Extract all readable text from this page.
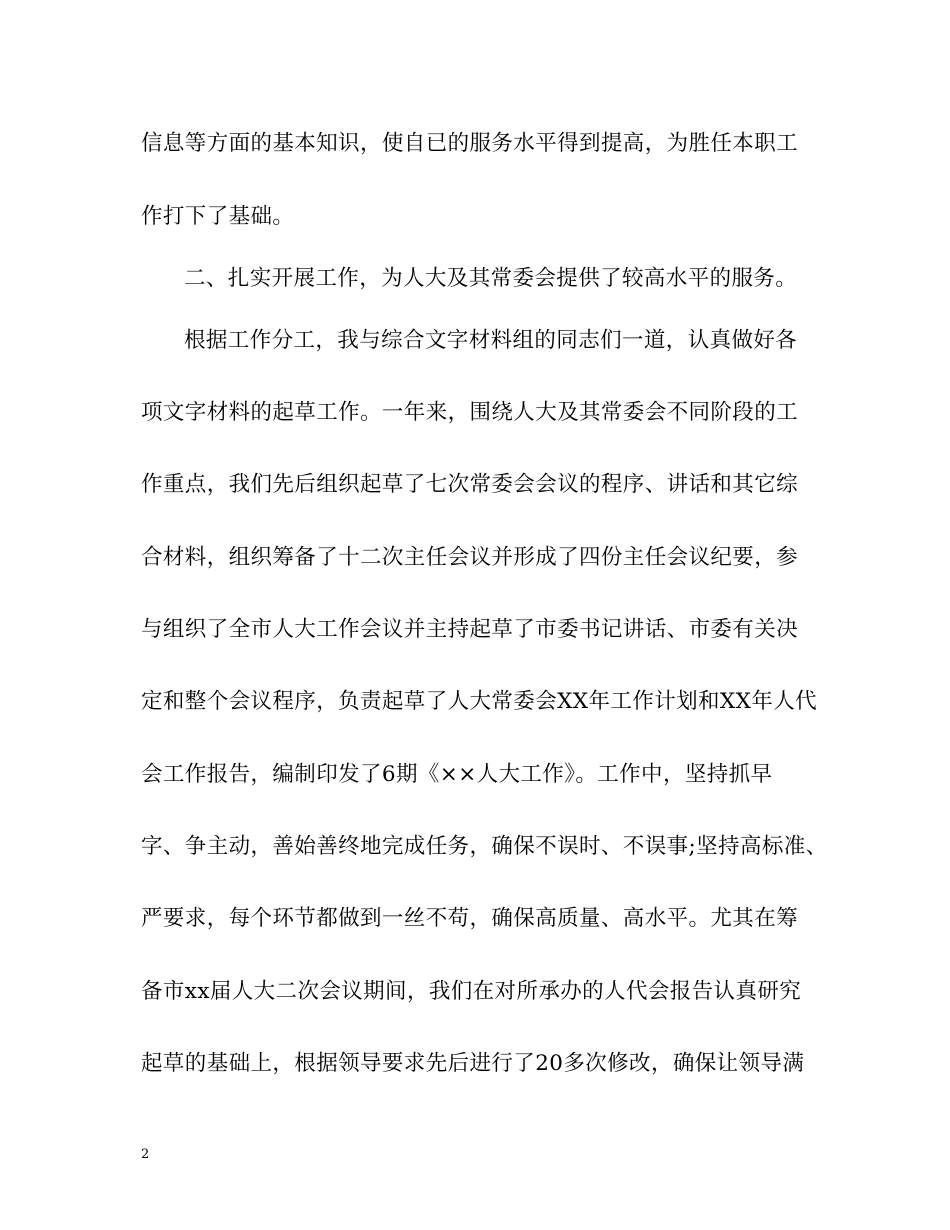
信息等方面的基本知识，使自已的服务水平得到提高，为胜任本职工
作打下了基础。
二、扎实开展工作，为人大及其常委会提供了较高水平的服务。
根据工作分工，我与综合文字材料组的同志们一道，认真做好各
项文字材料的起草工作。一年来，围绕人大及其常委会不同阶段的工
作重点，我们先后组织起草了七次常委会会议的程序、讲话和其它综
合材料，组织筹备了十二次主任会议并形成了四份主任会议纪要，参
与组织了全市人大工作会议并主持起草了市委书记讲话、市委有关决
定和整个会议程序，负责起草了人大常委会XX年工作计划和XX年人代
会工作报告，编制印发了6期《××人大工作》。工作中，坚持抓早
字、争主动，善始善终地完成任务，确保不误时、不误事;坚持高标准、
严要求，每个环节都做到一丝不苟，确保高质量、高水平。尤其在筹
备市xx届人大二次会议期间，我们在对所承办的人代会报告认真研究
起草的基础上，根据领导要求先后进行了20多次修改，确保让领导满
2
